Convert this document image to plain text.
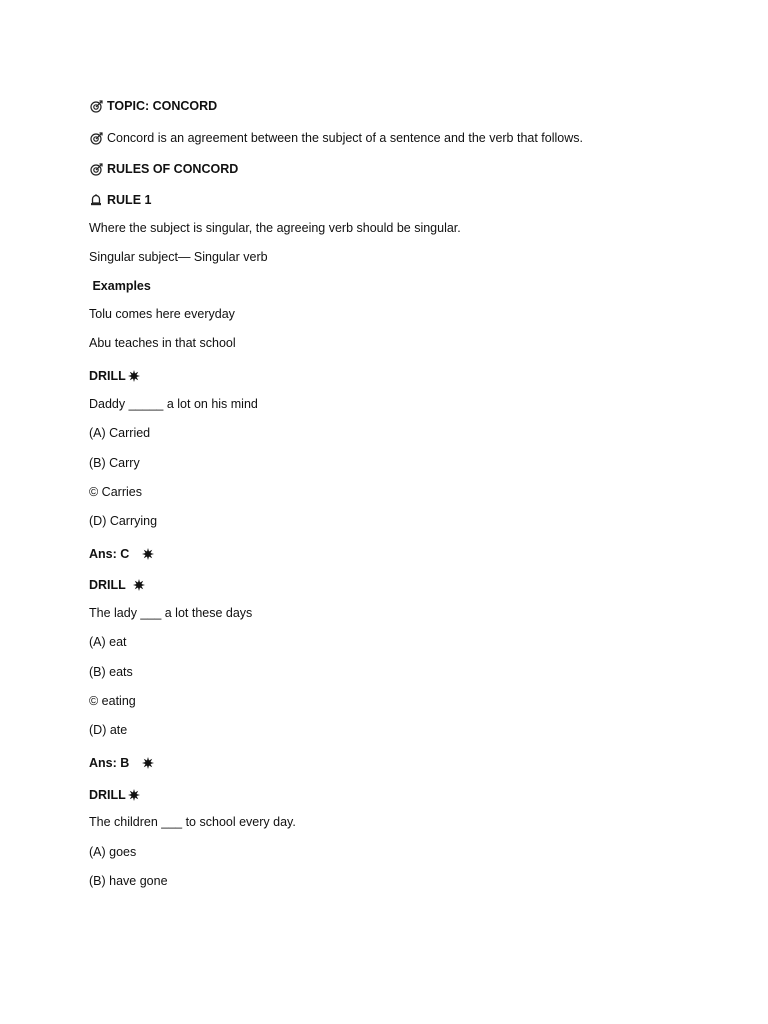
TOPIC: CONCORD
Concord is an agreement between the subject of a sentence and the verb that follows.
RULES OF CONCORD
RULE 1
Where the subject is singular, the agreeing verb should be singular.
Singular subject— Singular verb
Examples
Tolu comes here everyday
Abu teaches in that school
DRILL
Daddy _____ a lot on his mind
(A) Carried
(B) Carry
© Carries
(D) Carrying
Ans: C
DRILL
The lady ___ a lot these days
(A) eat
(B) eats
© eating
(D) ate
Ans: B
DRILL
The children ___ to school every day.
(A) goes
(B) have gone
